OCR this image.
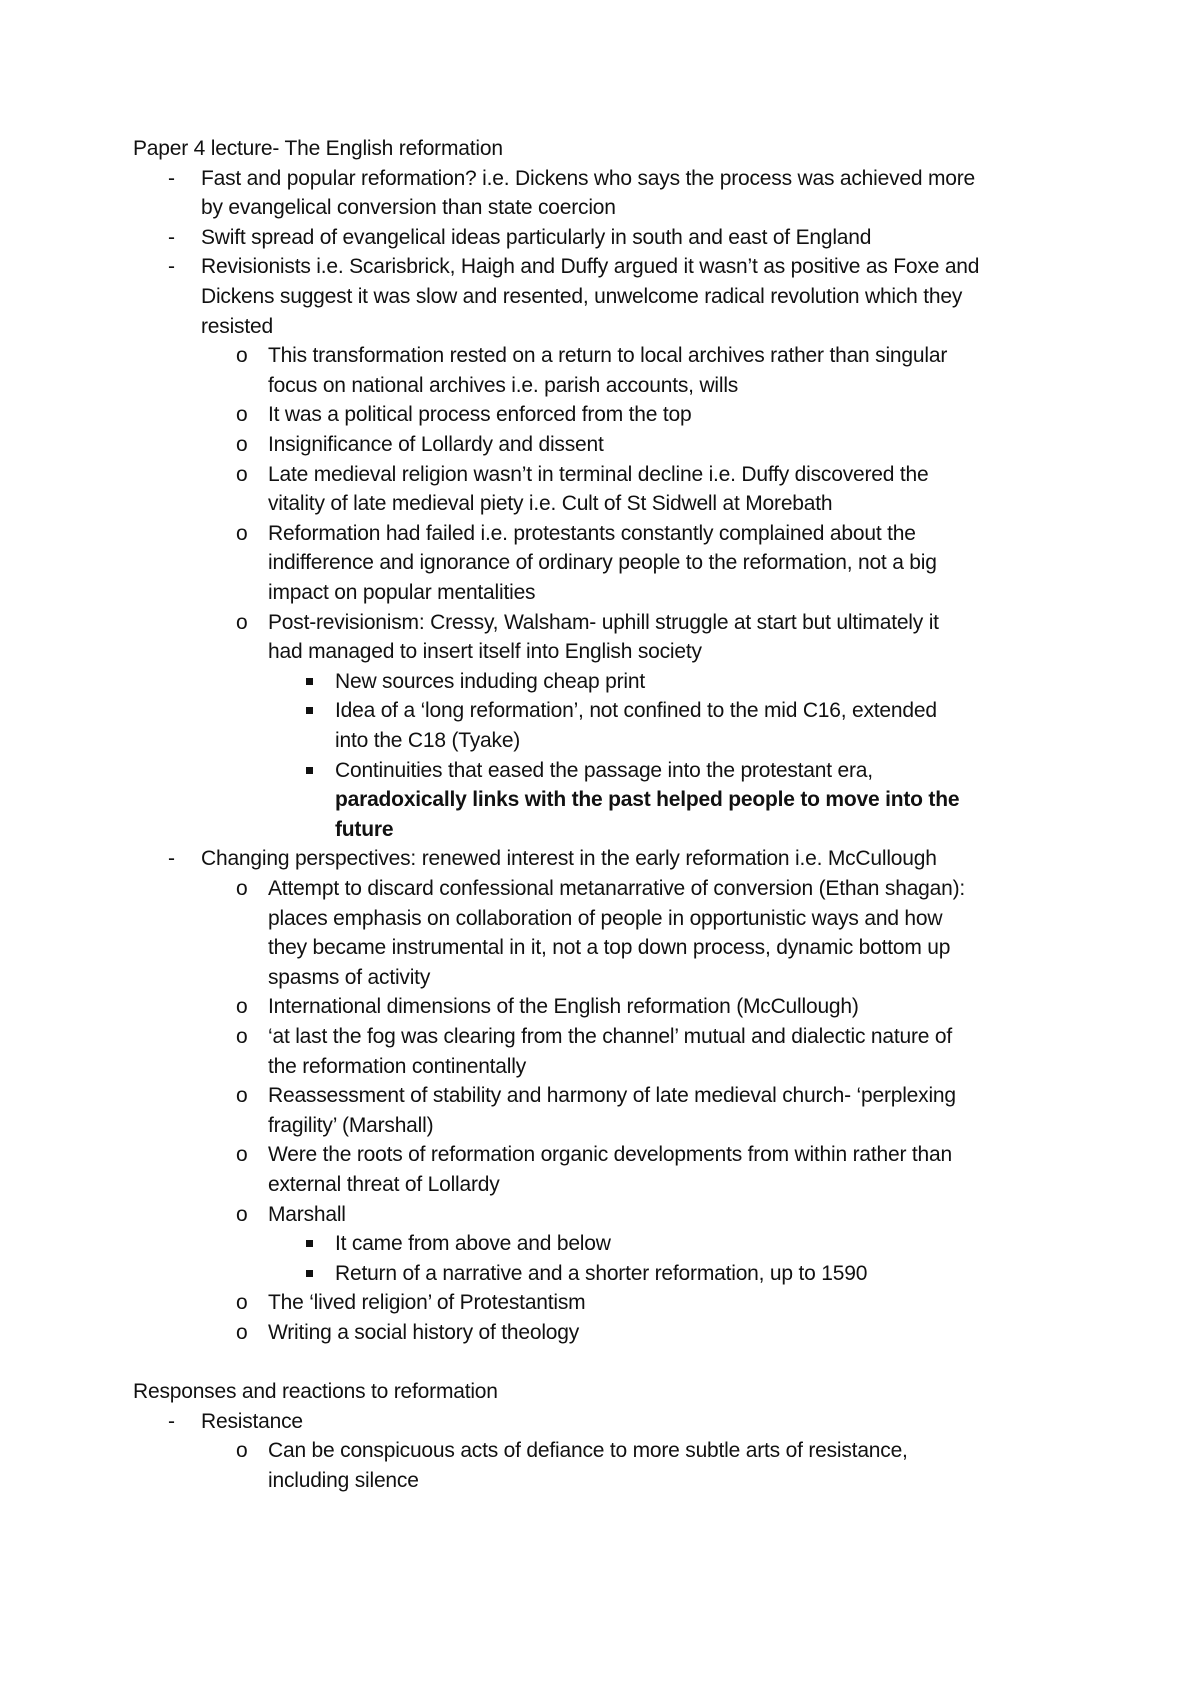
Paper 4 lecture- The English reformation
- Fast and popular reformation? i.e. Dickens who says the process was achieved more
by evangelical conversion than state coercion
- Swift spread of evangelical ideas particularly in south and east of England
- Revisionists i.e. Scarisbrick, Haigh and Duffy argued it wasn’t as positive as Foxe and
Dickens suggest it was slow and resented, unwelcome radical revolution which they
resisted
o This transformation rested on a return to local archives rather than singular
focus on national archives i.e. parish accounts, wills
o It was a political process enforced from the top
o Insignificance of Lollardy and dissent
o Late medieval religion wasn’t in terminal decline i.e. Duffy discovered the
vitality of late medieval piety i.e. Cult of St Sidwell at Morebath
o Reformation had failed i.e. protestants constantly complained about the
indifference and ignorance of ordinary people to the reformation, not a big
impact on popular mentalities
o Post-revisionism: Cressy, Walsham- uphill struggle at start but ultimately it
had managed to insert itself into English society
New sources induding cheap print
Idea of a ‘long reformation’, not confined to the mid C16, extended
into the C18 (Tyake)
Continuities that eased the passage into the protestant era,
paradoxically links with the past helped people to move into the
future
- Changing perspectives: renewed interest in the early reformation i.e. McCullough
o Attempt to discard confessional metanarrative of conversion (Ethan shagan):
places emphasis on collaboration of people in opportunistic ways and how
they became instrumental in it, not a top down process, dynamic bottom up
spasms of activity
o International dimensions of the English reformation (McCullough)
o ‘at last the fog was clearing from the channel’ mutual and dialectic nature of
the reformation continentally
o Reassessment of stability and harmony of late medieval church- ‘perplexing
fragility’ (Marshall)
o Were the roots of reformation organic developments from within rather than
external threat of Lollardy
o Marshall
It came from above and below
Return of a narrative and a shorter reformation, up to 1590
o The ‘lived religion’ of Protestantism
o Writing a social history of theology
Responses and reactions to reformation
- Resistance
o Can be conspicuous acts of defiance to more subtle arts of resistance,
including silence
